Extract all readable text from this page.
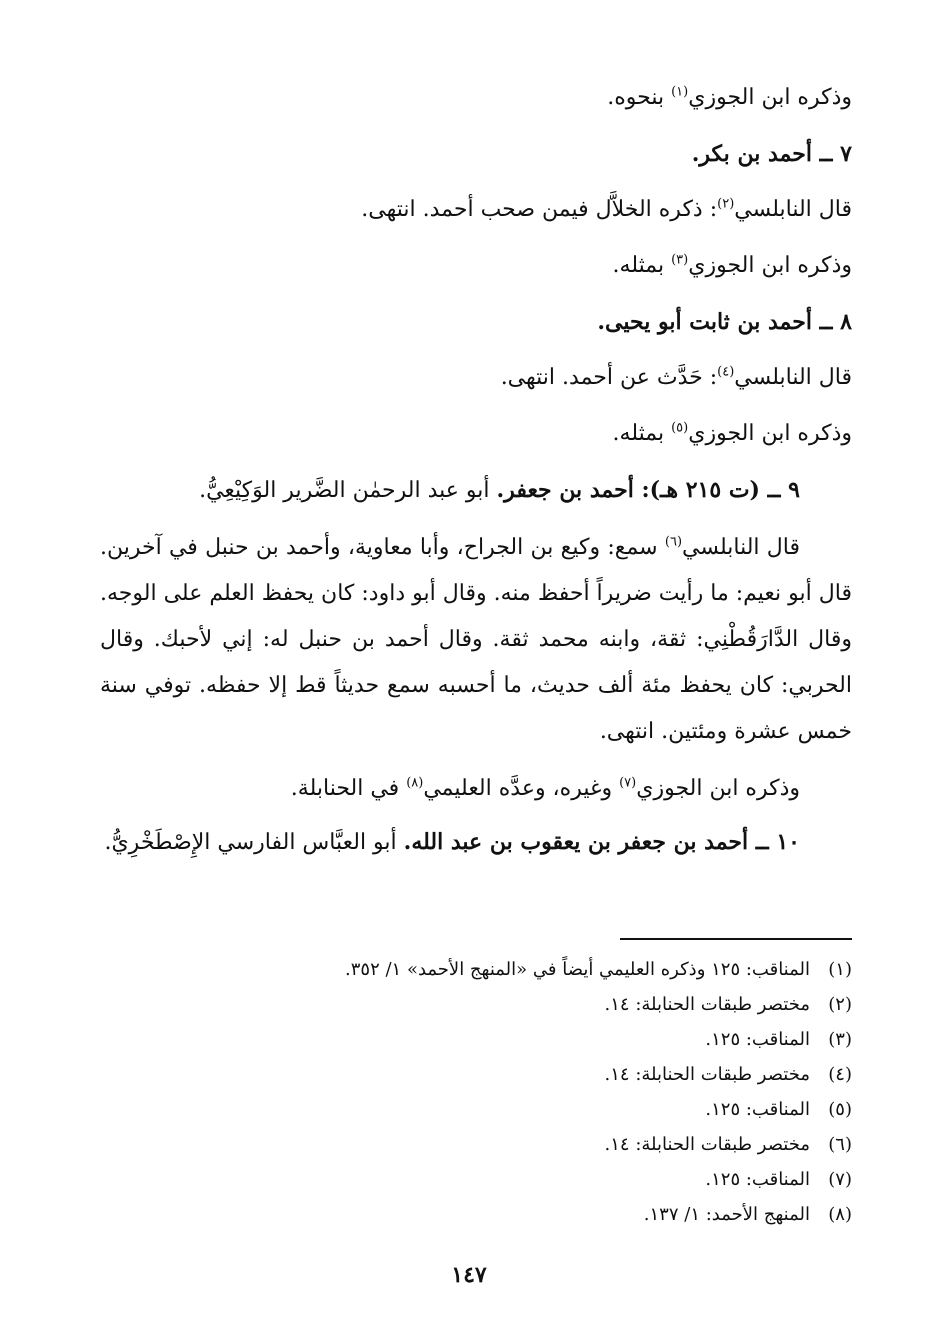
وذكره ابن الجوزي$^{(١)}$ بنحوه.
٧ ــ أحمد بن بكر.
قال النابلسي$^{(٢)}$: ذكره الخلاَّل فيمن صحب أحمد. انتهى.
وذكره ابن الجوزي$^{(٣)}$ بمثله.
٨ ــ أحمد بن ثابت أبو يحيى.
قال النابلسي$^{(٤)}$: حَدَّث عن أحمد. انتهى.
وذكره ابن الجوزي$^{(٥)}$ بمثله.
٩ ــ (ت ٢١٥ هـ): أحمد بن جعفر. أبو عبد الرحمٰن الضَّرير الوَكِيْعِيُّ.

قال النابلسي$^{(٦)}$ سمع: وكيع بن الجراح، وأبا معاوية، وأحمد بن حنبل في آخرين. قال أبو نعيم: ما رأيت ضريراً أحفظ منه. وقال أبو داود: كان يحفظ العلم على الوجه. وقال الدَّارَقُطْنِي: ثقة، وابنه محمد ثقة. وقال أحمد بن حنبل له: إني لأحبك. وقال الحربي: كان يحفظ مئة ألف حديث، ما أحسبه سمع حديثاً قط إلا حفظه. توفي سنة خمس عشرة ومئتين. انتهى.

وذكره ابن الجوزي$^{(٧)}$ وغيره، وعدَّه العليمي$^{(٨)}$ في الحنابلة.

١٠ ــ أحمد بن جعفر بن يعقوب بن عبد الله. أبو العبَّاس الفارسي الإِصْطَخْرِيُّ.

(١)المناقب: ١٢٥ وذكره العليمي أيضاً في «المنهج الأحمد» ١/ ٣٥٢.
(٢)مختصر طبقات الحنابلة: ١٤.
(٣)المناقب: ١٢٥.
(٤)مختصر طبقات الحنابلة: ١٤.
(٥)المناقب: ١٢٥.
(٦)مختصر طبقات الحنابلة: ١٤.
(٧)المناقب: ١٢٥.
(٨)المنهج الأحمد: ١/ ١٣٧.
١٤٧
